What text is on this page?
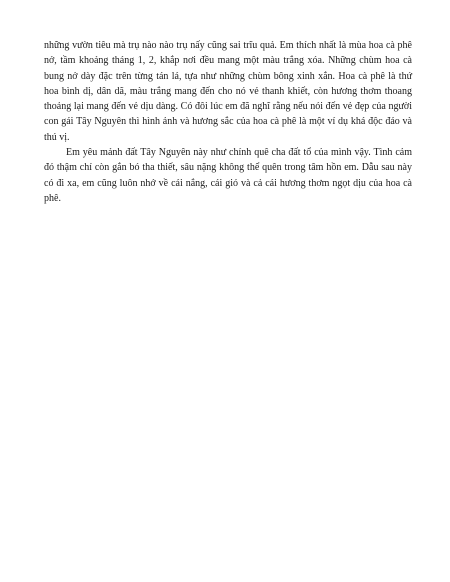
những vườn tiêu mà trụ nào nào trụ nấy cũng sai trĩu quả. Em thích nhất là mùa hoa cà phê nở, tầm khoảng tháng 1, 2, khắp nơi đều mang một màu trắng xóa. Những chùm hoa cà bung nở dày đặc trên từng tán lá, tựa như những chùm bông xinh xắn. Hoa cà phê là thứ hoa bình dị, dân dã, màu trắng mang đến cho nó vẻ thanh khiết, còn hương thơm thoang thoảng lại mang đến vẻ dịu dàng. Có đôi lúc em đã nghĩ rằng nếu nói đến vẻ đẹp của người con gái Tây Nguyên thì hình ảnh và hương sắc của hoa cà phê là một ví dụ khá độc đáo và thú vị.

Em yêu mảnh đất Tây Nguyên này như chính quê cha đất tổ của mình vậy. Tình cảm đó thậm chí còn gắn bó tha thiết, sâu nặng không thể quên trong tâm hồn em. Dẫu sau này có đi xa, em cũng luôn nhớ về cái nắng, cái gió và cả cái hương thơm ngọt dịu của hoa cà phê.
